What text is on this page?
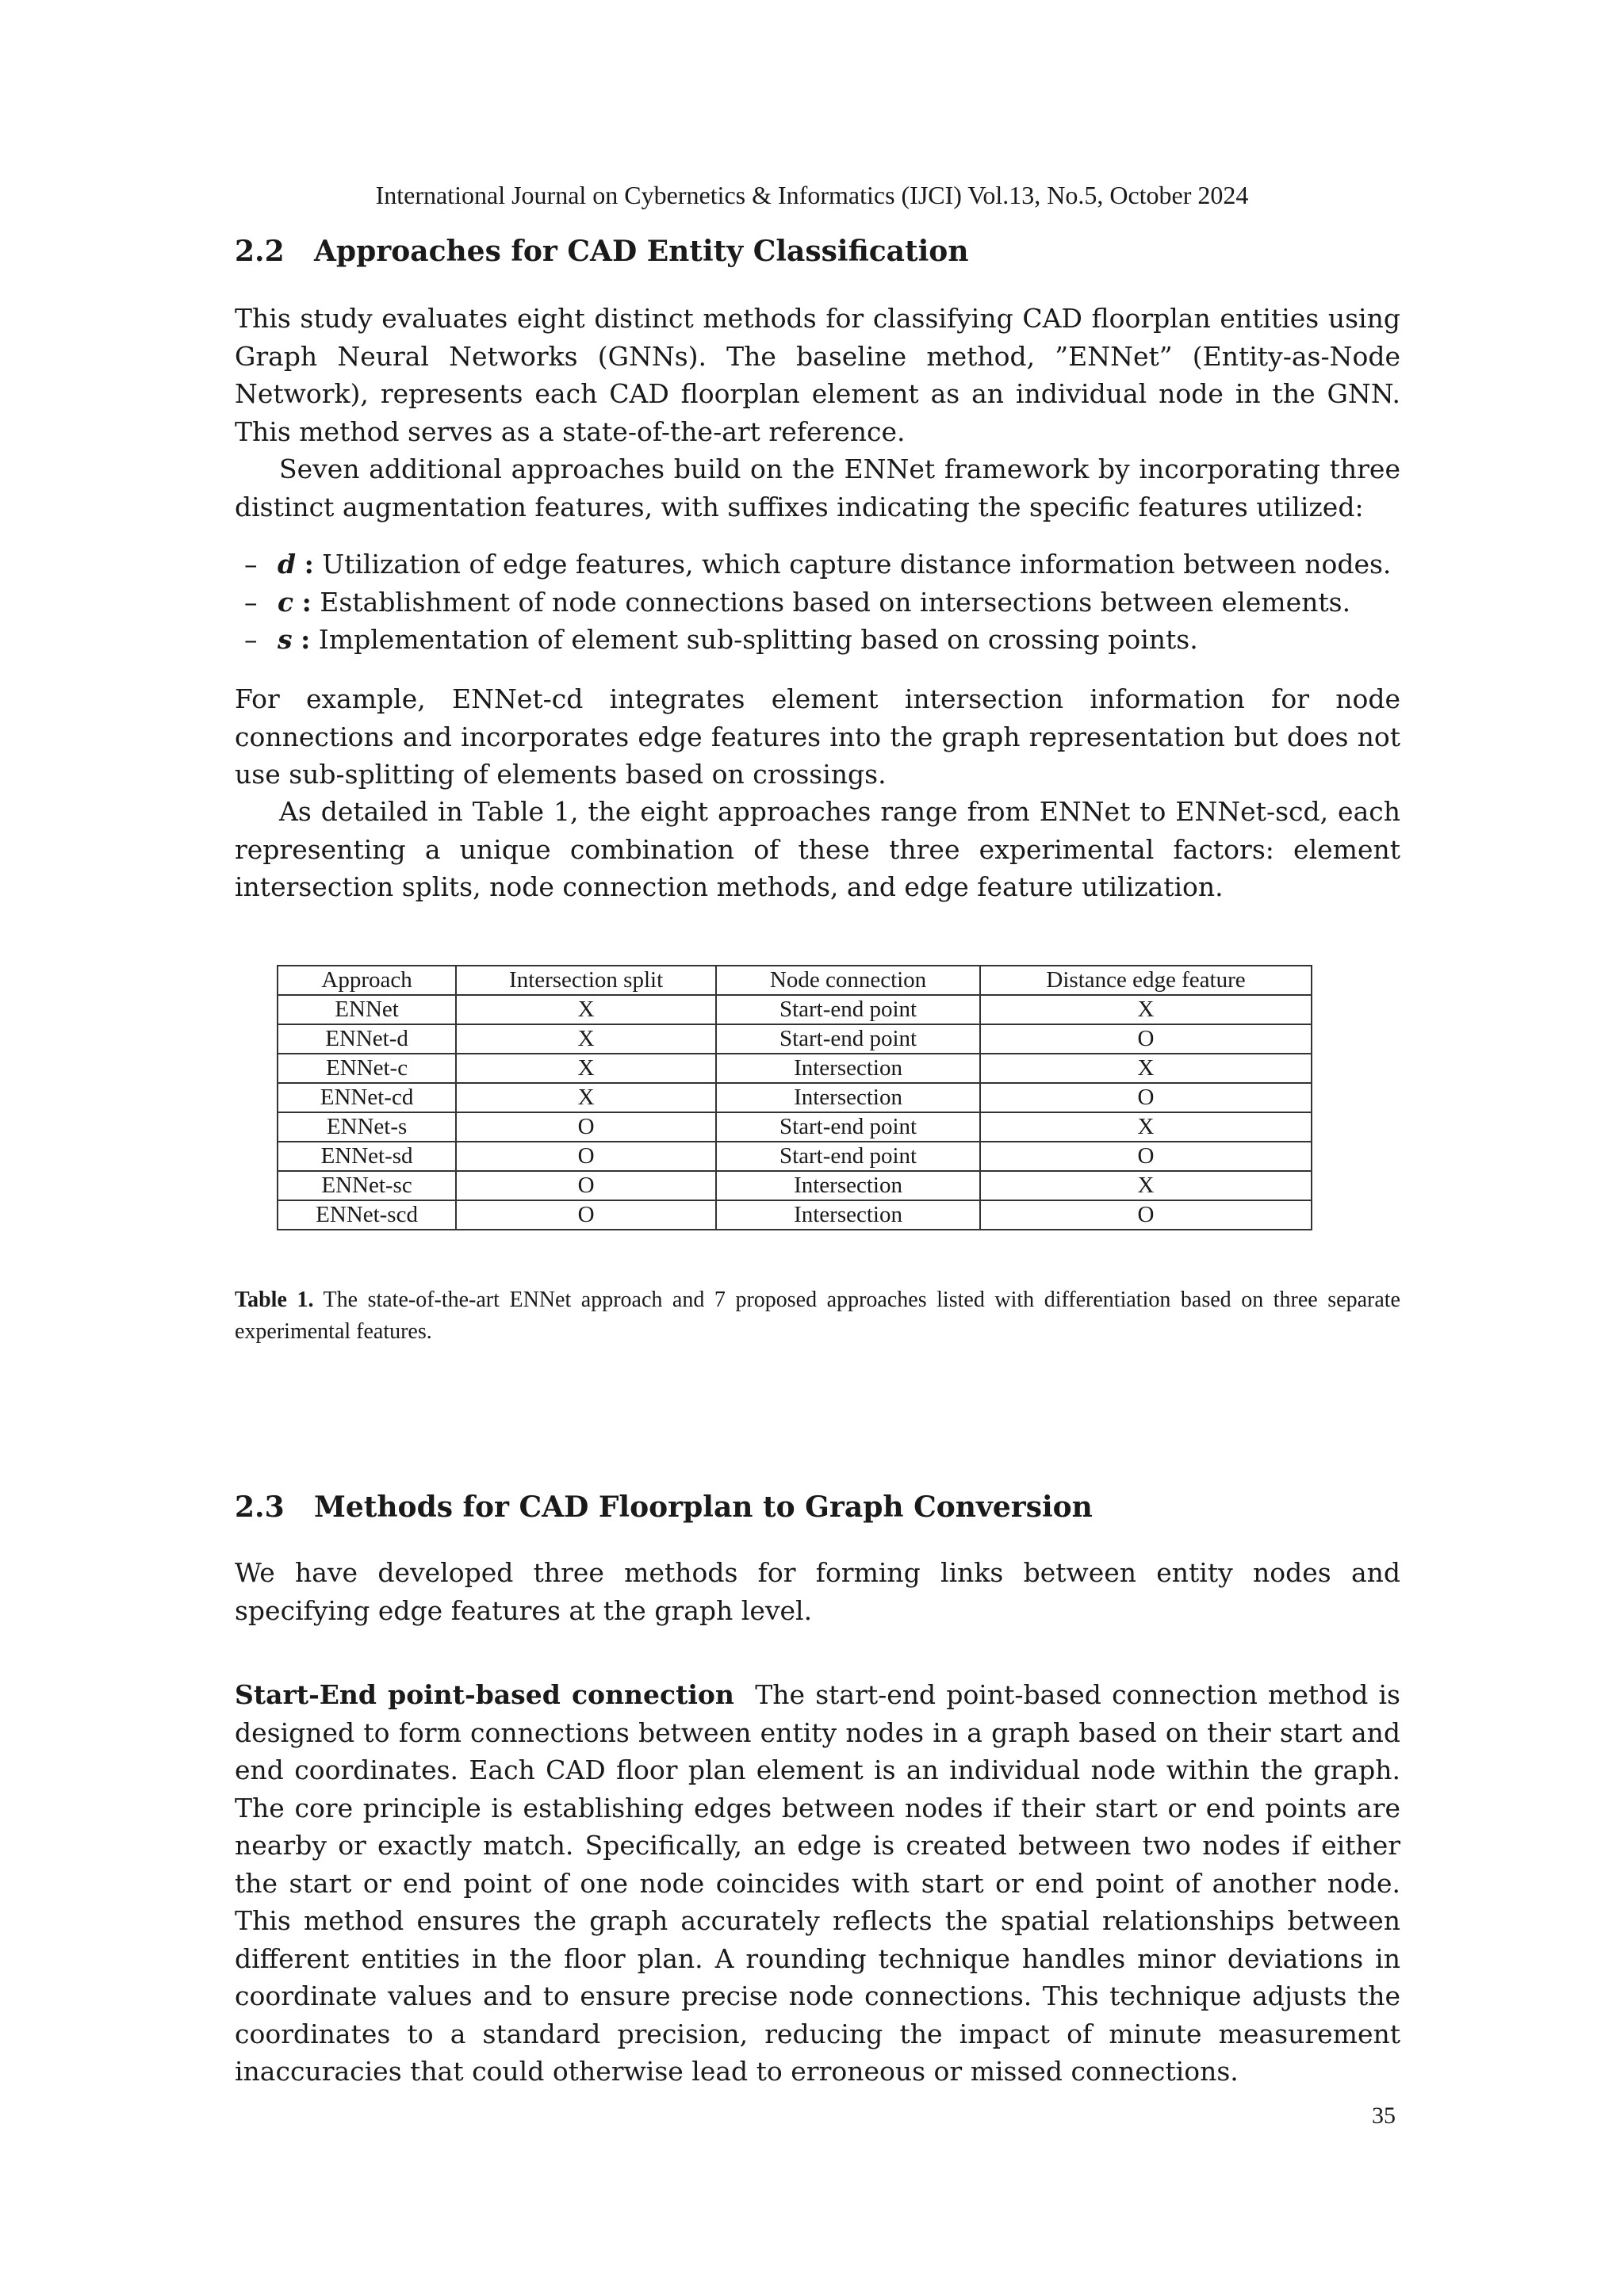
International Journal on Cybernetics & Informatics (IJCI) Vol.13, No.5, October 2024
2.2 Approaches for CAD Entity Classification

This study evaluates eight distinct methods for classifying CAD floorplan entities using Graph Neural Networks (GNNs). The baseline method, ”ENNet” (Entity-as-Node Network), represents each CAD floorplan element as an individual node in the GNN. This method serves as a state-of-the-art reference.

Seven additional approaches build on the ENNet framework by incorporating three distinct augmentation features, with suffixes indicating the specific features utilized:

– d : Utilization of edge features, which capture distance information between nodes.
– c : Establishment of node connections based on intersections between elements.
– s : Implementation of element sub-splitting based on crossing points.

For example, ENNet-cd integrates element intersection information for node connections and incorporates edge features into the graph representation but does not use sub-splitting of elements based on crossings.

As detailed in Table 1, the eight approaches range from ENNet to ENNet-scd, each representing a unique combination of these three experimental factors: element intersection splits, node connection methods, and edge feature utilization.

Approach	Intersection split	Node connection	Distance edge feature
ENNet	X	Start-end point	X
ENNet-d	X	Start-end point	O
ENNet-c	X	Intersection	X
ENNet-cd	X	Intersection	O
ENNet-s	O	Start-end point	X
ENNet-sd	O	Start-end point	O
ENNet-sc	O	Intersection	X
ENNet-scd	O	Intersection	O

Table 1. The state-of-the-art ENNet approach and 7 proposed approaches listed with differentiation based on three separate experimental features.

2.3 Methods for CAD Floorplan to Graph Conversion

We have developed three methods for forming links between entity nodes and specifying edge features at the graph level.

Start-End point-based connection The start-end point-based connection method is designed to form connections between entity nodes in a graph based on their start and end coordinates. Each CAD floor plan element is an individual node within the graph. The core principle is establishing edges between nodes if their start or end points are nearby or exactly match. Specifically, an edge is created between two nodes if either the start or end point of one node coincides with start or end point of another node. This method ensures the graph accurately reflects the spatial relationships between different entities in the floor plan. A rounding technique handles minor deviations in coordinate values and to ensure precise node connections. This technique adjusts the coordinates to a standard precision, reducing the impact of minute measurement inaccuracies that could otherwise lead to erroneous or missed connections.

35
